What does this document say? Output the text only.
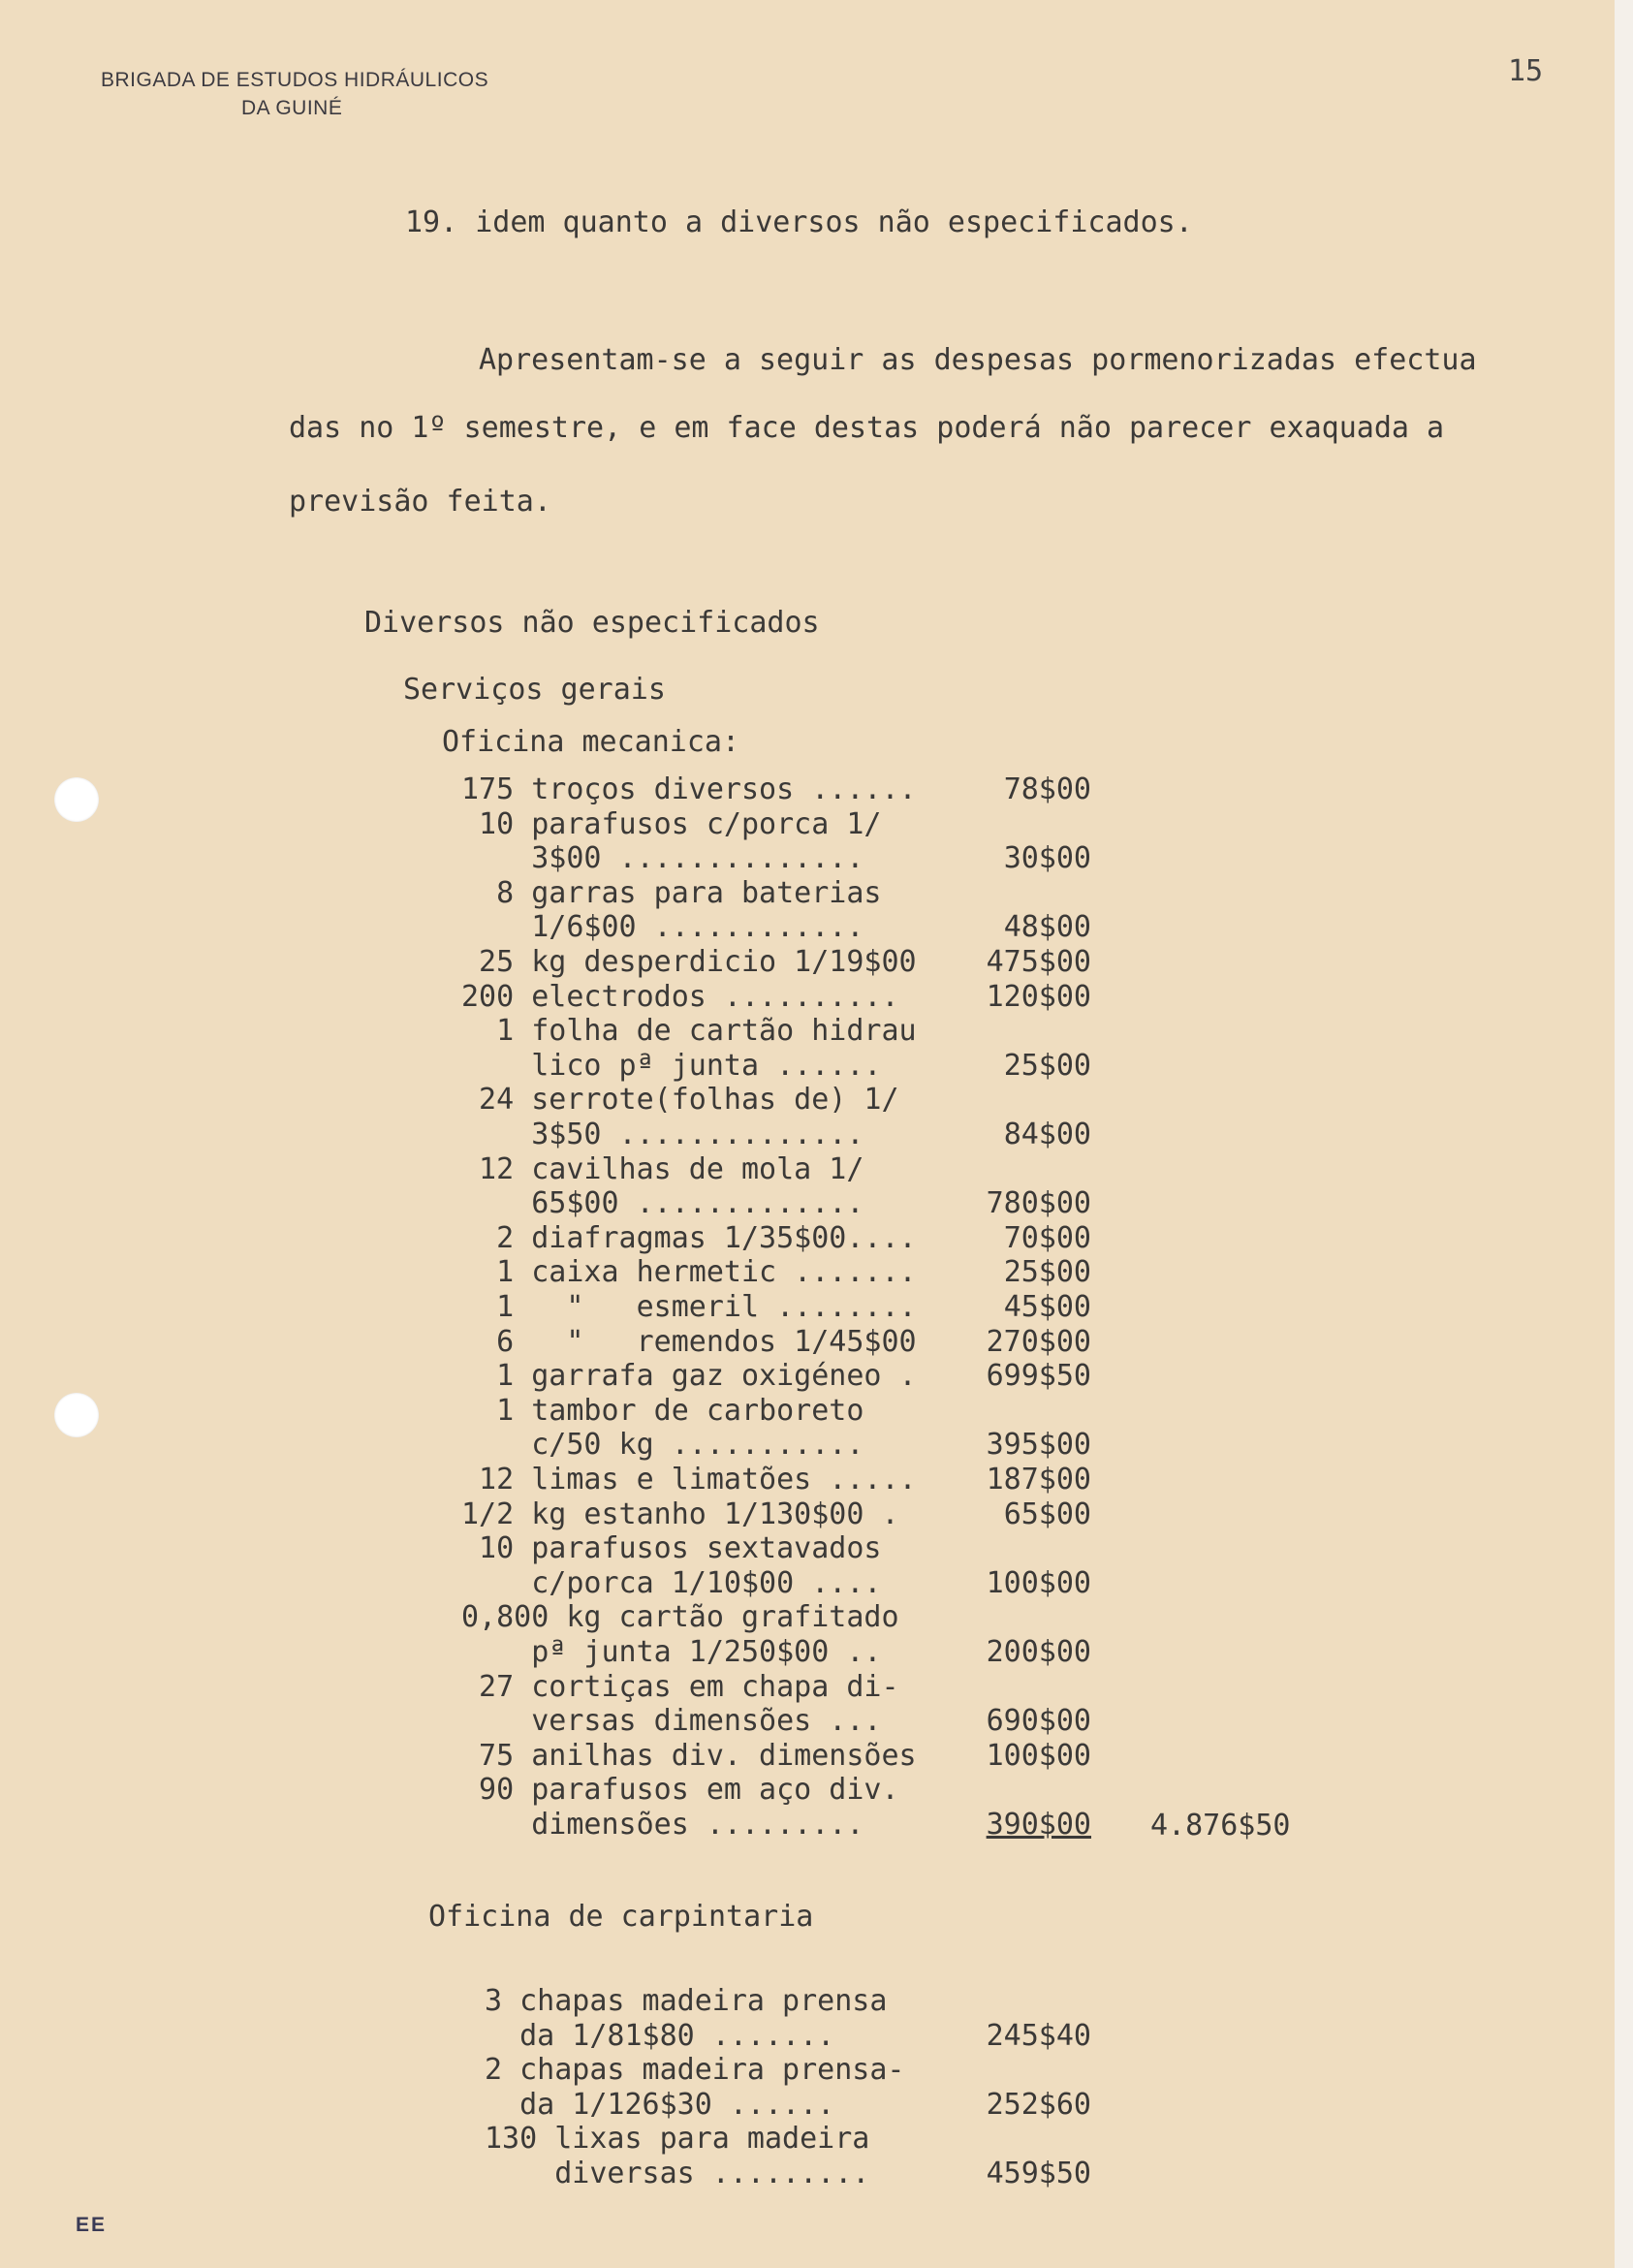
BRIGADA DE ESTUDOS HIDRÁULICOS
DA GUINÉ
15
19. idem quanto a diversos não especificados.
Apresentam-se a seguir as despesas pormenorizadas efectua
das no 1º semestre, e em face destas poderá não parecer exaquada a
previsão feita.
Diversos não especificados
Serviços gerais
Oficina mecanica:
175 troços diversos ......	78$00
10 parafusos c/porca 1/
3$00 ..............	30$00
8 garras para baterias
1/6$00 ............	48$00
25 kg desperdicio 1/19$00 475$00
200 electrodos ..........	120$00
1 folha de cartão hidrau
lico pª junta ......	25$00
24 serrote(folhas de) 1/
3$50 ..............	84$00
12 cavilhas de mola 1/
65$00 .............	780$00
2 diafragmas 1/35$00....	70$00
1 caixa hermetic .......	25$00
1   "   esmeril ........	45$00
6   "   remendos 1/45$00 270$00
1 garrafa gaz oxigéneo . 699$50
1 tambor de carboreto
c/50 kg ...........	395$00
12 limas e limatões ..... 187$00
1/2 kg estanho 1/130$00 .	65$00
10 parafusos sextavados
c/porca 1/10$00 ....	100$00
0,800 kg cartão grafitado
pª junta 1/250$00 ..	200$00
27 cortiças em chapa di-
versas dimensões ...	690$00
75 anilhas div. dimensões 100$00
90 parafusos em aço div.
dimensões .........	390$00 4.876$50
Oficina de carpintaria
3 chapas madeira prensa
da 1/81$80 .......	245$40
2 chapas madeira prensa-
da 1/126$30 ......	252$60
130 lixas para madeira
diversas .........	459$50
EE
